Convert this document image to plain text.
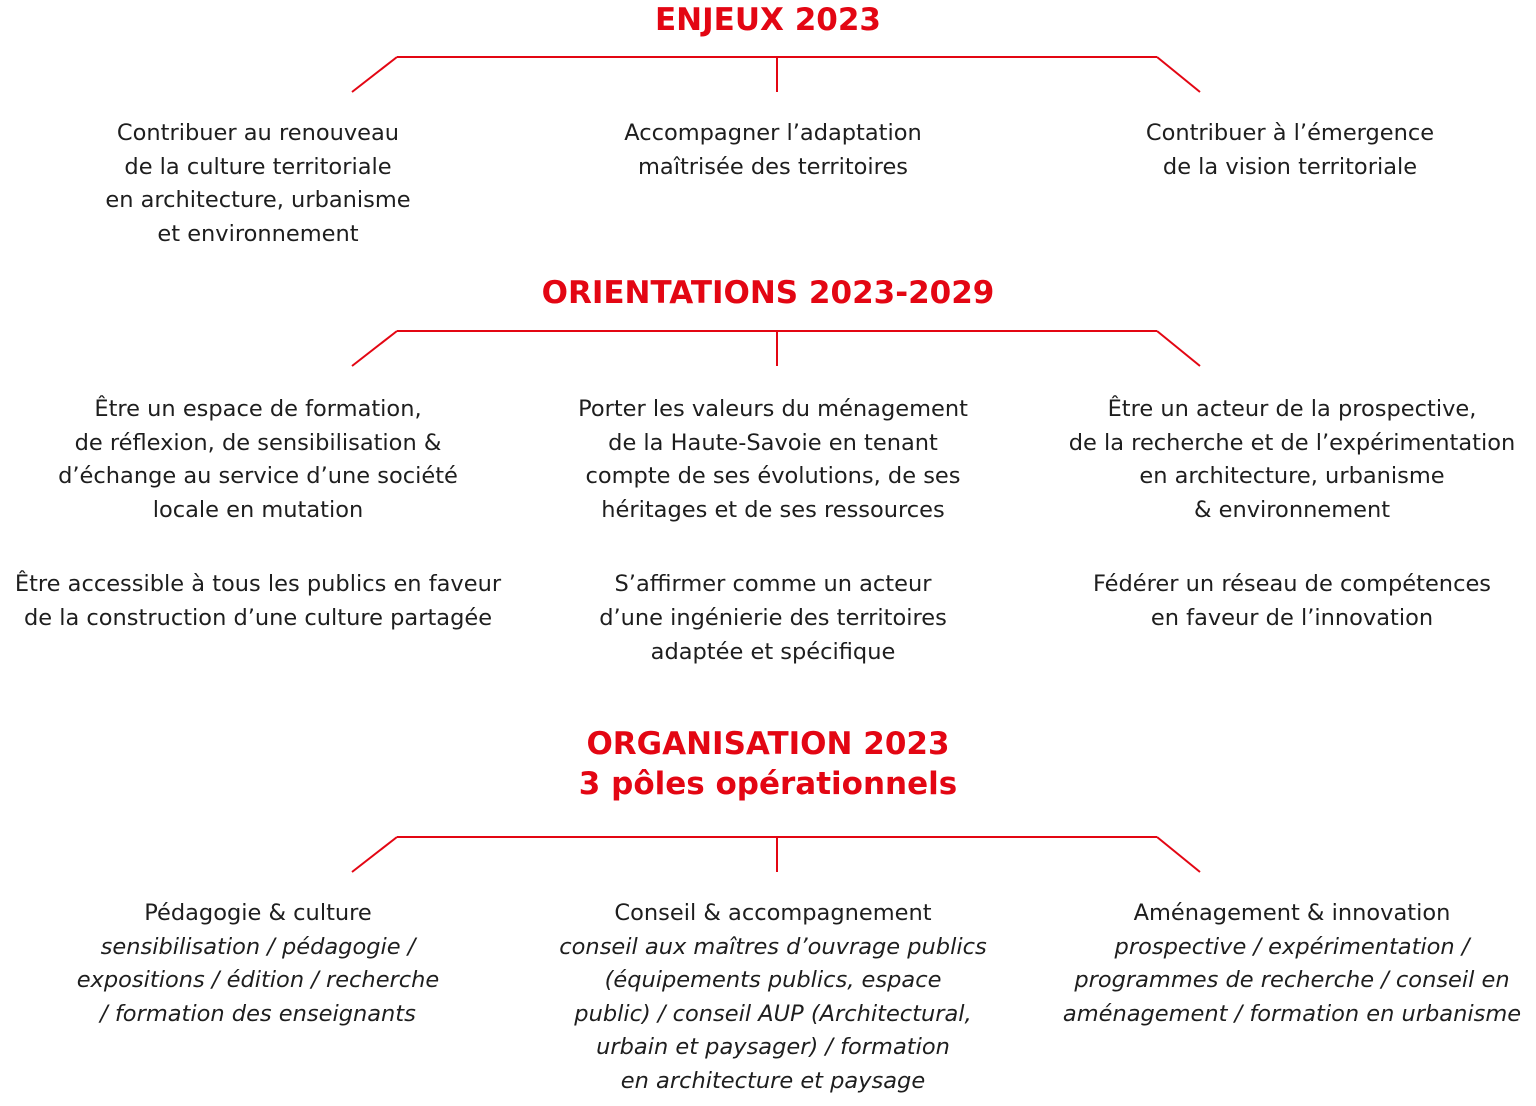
ENJEUX 2023
Contribuer au renouveau
de la culture territoriale
en architecture, urbanisme
et environnement
Accompagner l’adaptation
maîtrisée des territoires
Contribuer à l’émergence
de la vision territoriale
ORIENTATIONS 2023-2029

Être un espace de formation,
de réflexion, de sensibilisation &
d’échange au service d’une société
locale en mutation

Être accessible à tous les publics en faveur
de la construction d’une culture partagée

Porter les valeurs du ménagement
de la Haute-Savoie en tenant
compte de ses évolutions, de ses
héritages et de ses ressources

S’affirmer comme un acteur
d’une ingénierie des territoires
adaptée et spécifique

Être un acteur de la prospective,
de la recherche et de l’expérimentation
en architecture, urbanisme
& environnement

Fédérer un réseau de compétences
en faveur de l’innovation

ORGANISATION 2023
3 pôles opérationnels

Pédagogie & culture

sensibilisation / pédagogie /
expositions / édition / recherche
/ formation des enseignants

Conseil & accompagnement

conseil aux maîtres d’ouvrage publics
(équipements publics, espace
public) / conseil AUP (Architectural,
urbain et paysager) / formation
en architecture et paysage

Aménagement & innovation

prospective / expérimentation /
programmes de recherche / conseil en
aménagement / formation en urbanisme
